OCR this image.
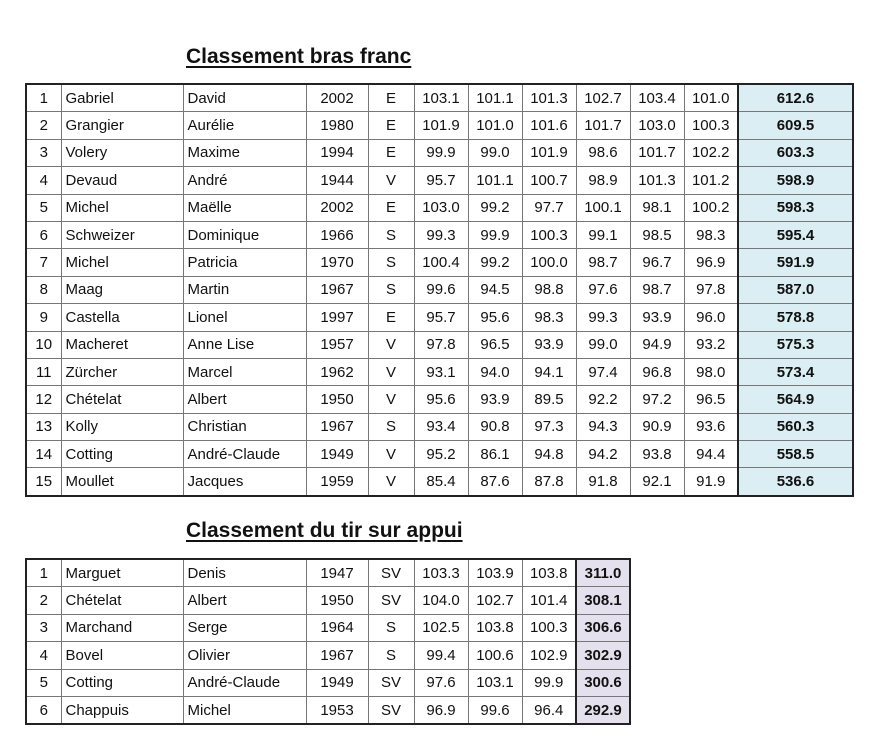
Classement bras franc
1	Gabriel	David	2002	E	103.1	101.1	101.3	102.7	103.4	101.0	612.6
2	Grangier	Aurélie	1980	E	101.9	101.0	101.6	101.7	103.0	100.3	609.5
3	Volery	Maxime	1994	E	99.9	99.0	101.9	98.6	101.7	102.2	603.3
4	Devaud	André	1944	V	95.7	101.1	100.7	98.9	101.3	101.2	598.9
5	Michel	Maëlle	2002	E	103.0	99.2	97.7	100.1	98.1	100.2	598.3
6	Schweizer	Dominique	1966	S	99.3	99.9	100.3	99.1	98.5	98.3	595.4
7	Michel	Patricia	1970	S	100.4	99.2	100.0	98.7	96.7	96.9	591.9
8	Maag	Martin	1967	S	99.6	94.5	98.8	97.6	98.7	97.8	587.0
9	Castella	Lionel	1997	E	95.7	95.6	98.3	99.3	93.9	96.0	578.8
10	Macheret	Anne Lise	1957	V	97.8	96.5	93.9	99.0	94.9	93.2	575.3
11	Zürcher	Marcel	1962	V	93.1	94.0	94.1	97.4	96.8	98.0	573.4
12	Chételat	Albert	1950	V	95.6	93.9	89.5	92.2	97.2	96.5	564.9
13	Kolly	Christian	1967	S	93.4	90.8	97.3	94.3	90.9	93.6	560.3
14	Cotting	André-Claude	1949	V	95.2	86.1	94.8	94.2	93.8	94.4	558.5
15	Moullet	Jacques	1959	V	85.4	87.6	87.8	91.8	92.1	91.9	536.6
Classement du tir sur appui
1	Marguet	Denis	1947	SV	103.3	103.9	103.8	311.0
2	Chételat	Albert	1950	SV	104.0	102.7	101.4	308.1
3	Marchand	Serge	1964	S	102.5	103.8	100.3	306.6
4	Bovel	Olivier	1967	S	99.4	100.6	102.9	302.9
5	Cotting	André-Claude	1949	SV	97.6	103.1	99.9	300.6
6	Chappuis	Michel	1953	SV	96.9	99.6	96.4	292.9
